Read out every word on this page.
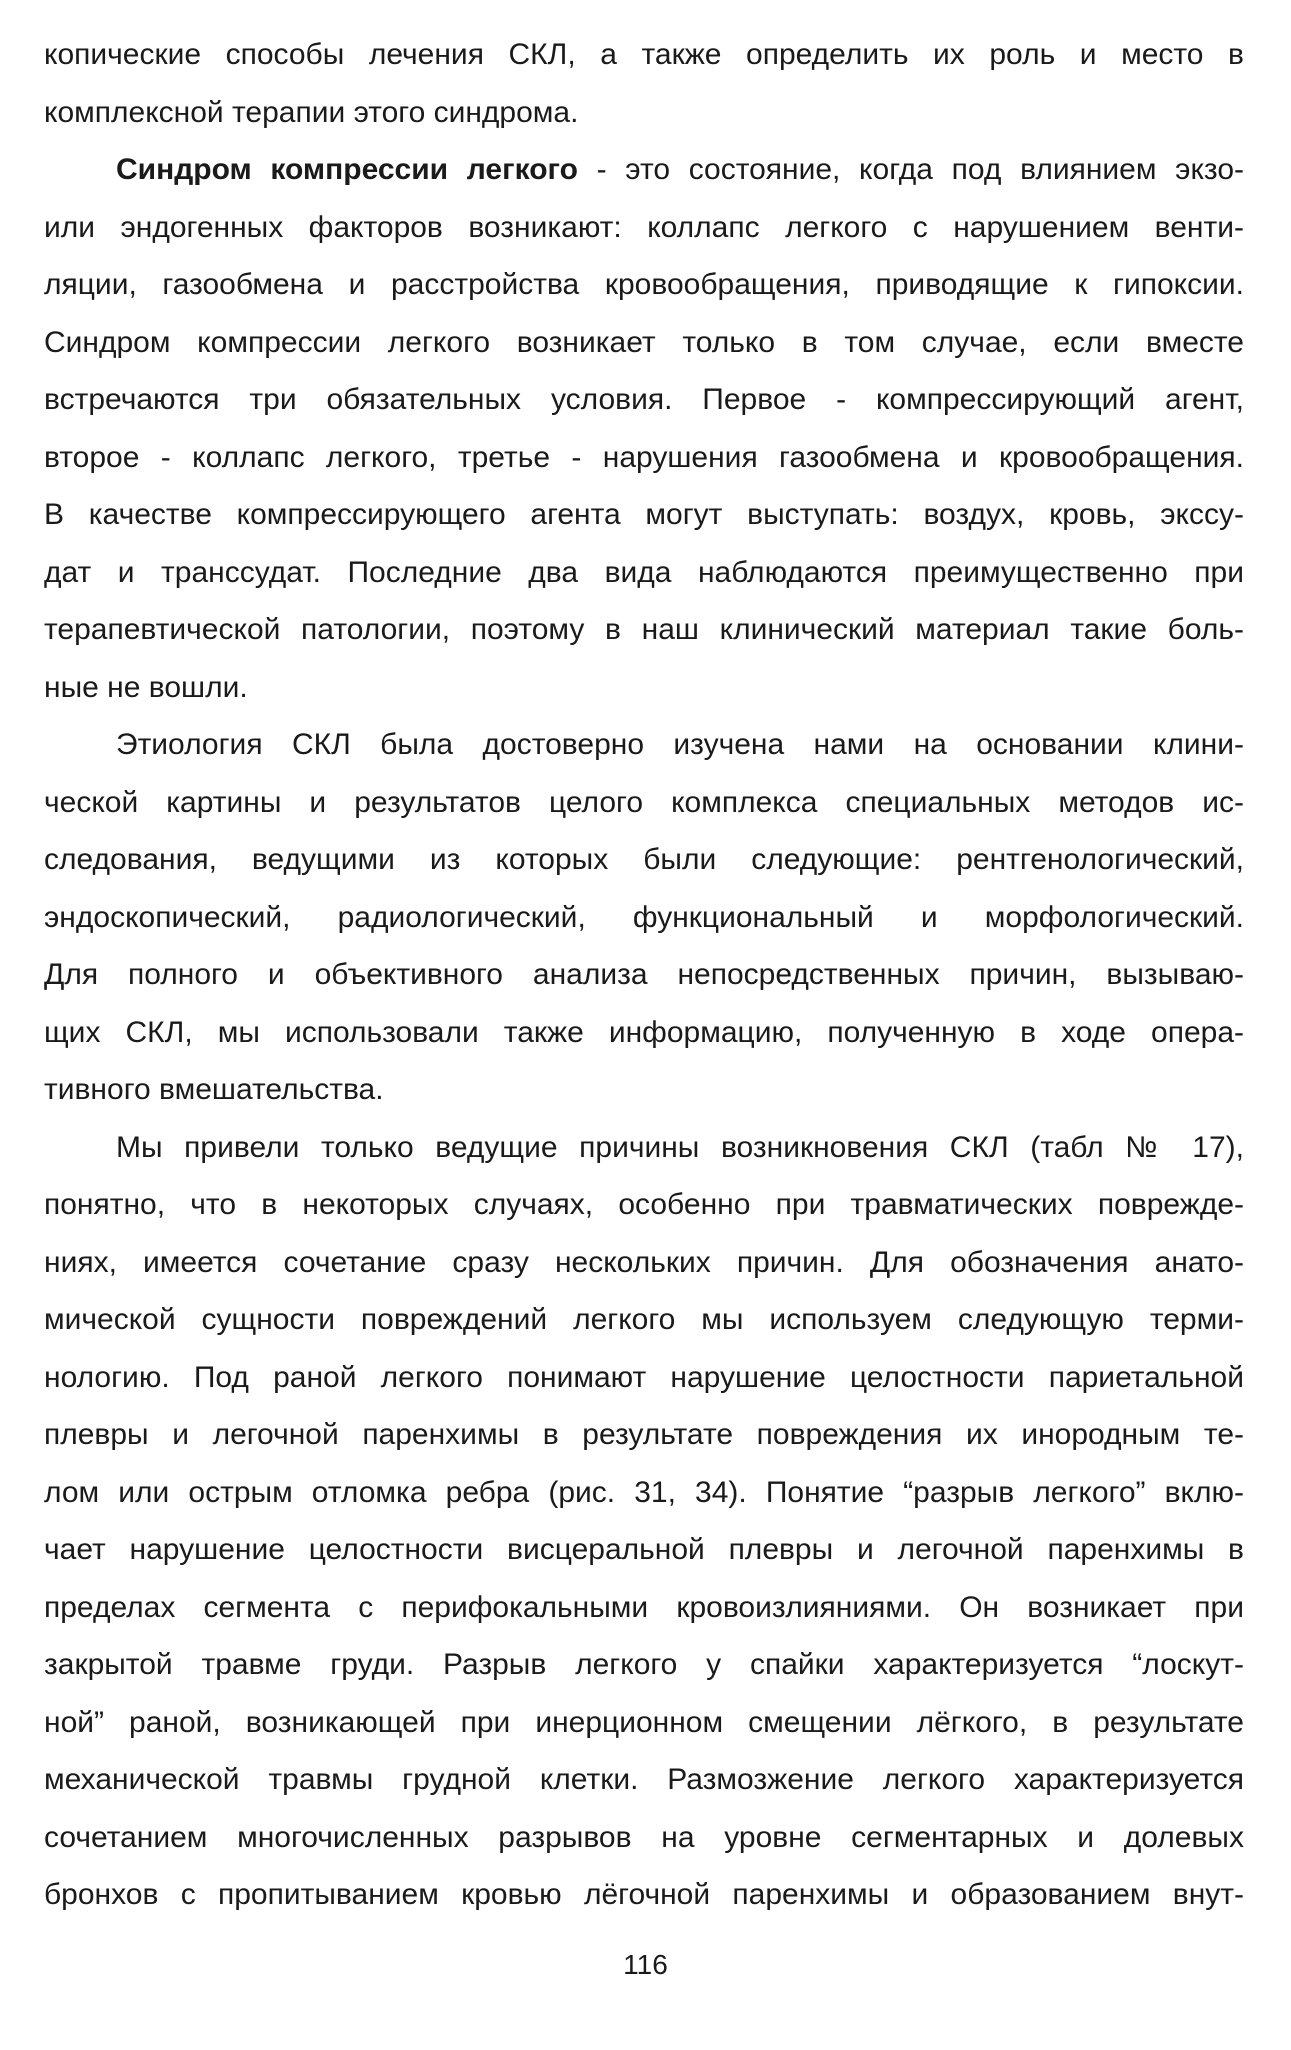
копические способы лечения СКЛ, а также определить их роль и место в
комплексной терапии этого синдрома.
Синдром компрессии легкого - это состояние, когда под влиянием экзо-
или эндогенных факторов возникают: коллапс легкого с нарушением венти-
ляции, газообмена и расстройства кровообращения, приводящие к гипоксии.
Синдром компрессии легкого возникает только в том случае, если вместе
встречаются три обязательных условия. Первое - компрессирующий агент,
второе - коллапс легкого, третье - нарушения газообмена и кровообращения.
В качестве компрессирующего агента могут выступать: воздух, кровь, экссу-
дат и транссудат. Последние два вида наблюдаются преимущественно при
терапевтической патологии, поэтому в наш клинический материал такие боль-
ные не вошли.
Этиология СКЛ была достоверно изучена нами на основании клини-
ческой картины и результатов целого комплекса специальных методов ис-
следования, ведущими из которых были следующие: рентгенологический,
эндоскопический, радиологический, функциональный и морфологический.
Для полного и объективного анализа непосредственных причин, вызываю-
щих СКЛ, мы использовали также информацию, полученную в ходе опера-
тивного вмешательства.
Мы привели только ведущие причины возникновения СКЛ (табл № 17),
понятно, что в некоторых случаях, особенно при травматических поврежде-
ниях, имеется сочетание сразу нескольких причин. Для обозначения анато-
мической сущности повреждений легкого мы используем следующую терми-
нологию. Под раной легкого понимают нарушение целостности париетальной
плевры и легочной паренхимы в результате повреждения их инородным те-
лом или острым отломка ребра (рис. 31, 34). Понятие “разрыв легкого” вклю-
чает нарушение целостности висцеральной плевры и легочной паренхимы в
пределах сегмента с перифокальными кровоизлияниями. Он возникает при
закрытой травме груди. Разрыв легкого у спайки характеризуется “лоскут-
ной” раной, возникающей при инерционном смещении лёгкого, в результате
механической травмы грудной клетки. Размозжение легкого характеризуется
сочетанием многочисленных разрывов на уровне сегментарных и долевых
бронхов с пропитыванием кровью лёгочной паренхимы и образованием внут-
116
